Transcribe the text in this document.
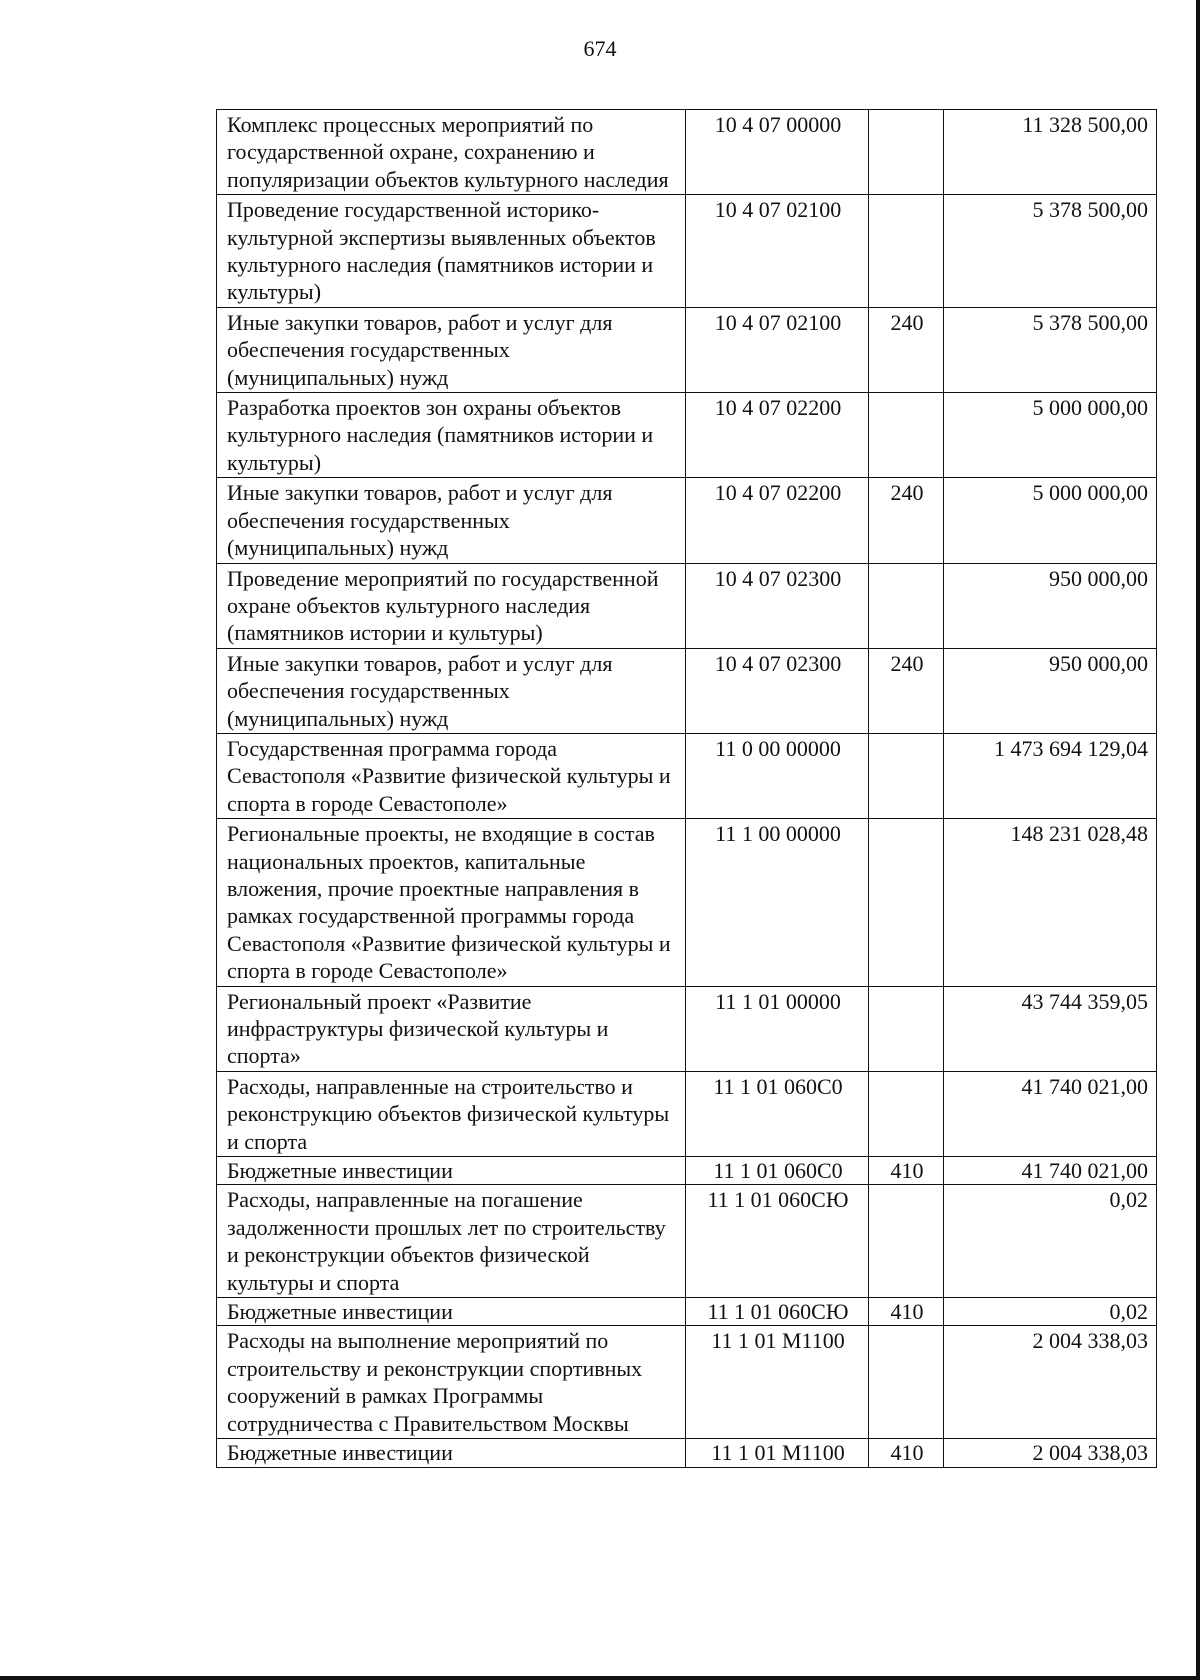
674
Комплекс процессных мероприятий по государственной охране, сохранению и популяризации объектов культурного наследия	10 4 07 00000		11 328 500,00
Проведение государственной историко-культурной экспертизы выявленных объектов культурного наследия (памятников истории и культуры)	10 4 07 02100		5 378 500,00
Иные закупки товаров, работ и услуг для обеспечения государственных (муниципальных) нужд	10 4 07 02100	240	5 378 500,00
Разработка проектов зон охраны объектов культурного наследия (памятников истории и культуры)	10 4 07 02200		5 000 000,00
Иные закупки товаров, работ и услуг для обеспечения государственных (муниципальных) нужд	10 4 07 02200	240	5 000 000,00
Проведение мероприятий по государственной охране объектов культурного наследия (памятников истории и культуры)	10 4 07 02300		950 000,00
Иные закупки товаров, работ и услуг для обеспечения государственных (муниципальных) нужд	10 4 07 02300	240	950 000,00
Государственная программа города Севастополя «Развитие физической культуры и спорта в городе Севастополе»	11 0 00 00000		1 473 694 129,04
Региональные проекты, не входящие в состав национальных проектов, капитальные вложения, прочие проектные направления в рамках государственной программы города Севастополя «Развитие физической культуры и спорта в городе Севастополе»	11 1 00 00000		148 231 028,48
Региональный проект «Развитие инфраструктуры физической культуры и спорта»	11 1 01 00000		43 744 359,05
Расходы, направленные на строительство и реконструкцию объектов физической культуры и спорта	11 1 01 060C0		41 740 021,00
Бюджетные инвестиции	11 1 01 060C0	410	41 740 021,00
Расходы, направленные на погашение задолженности прошлых лет по строительству и реконструкции объектов физической культуры и спорта	11 1 01 060СЮ		0,02
Бюджетные инвестиции	11 1 01 060СЮ	410	0,02
Расходы на выполнение мероприятий по строительству и реконструкции спортивных сооружений в рамках Программы сотрудничества с Правительством Москвы	11 1 01 M1100		2 004 338,03
Бюджетные инвестиции	11 1 01 M1100	410	2 004 338,03
